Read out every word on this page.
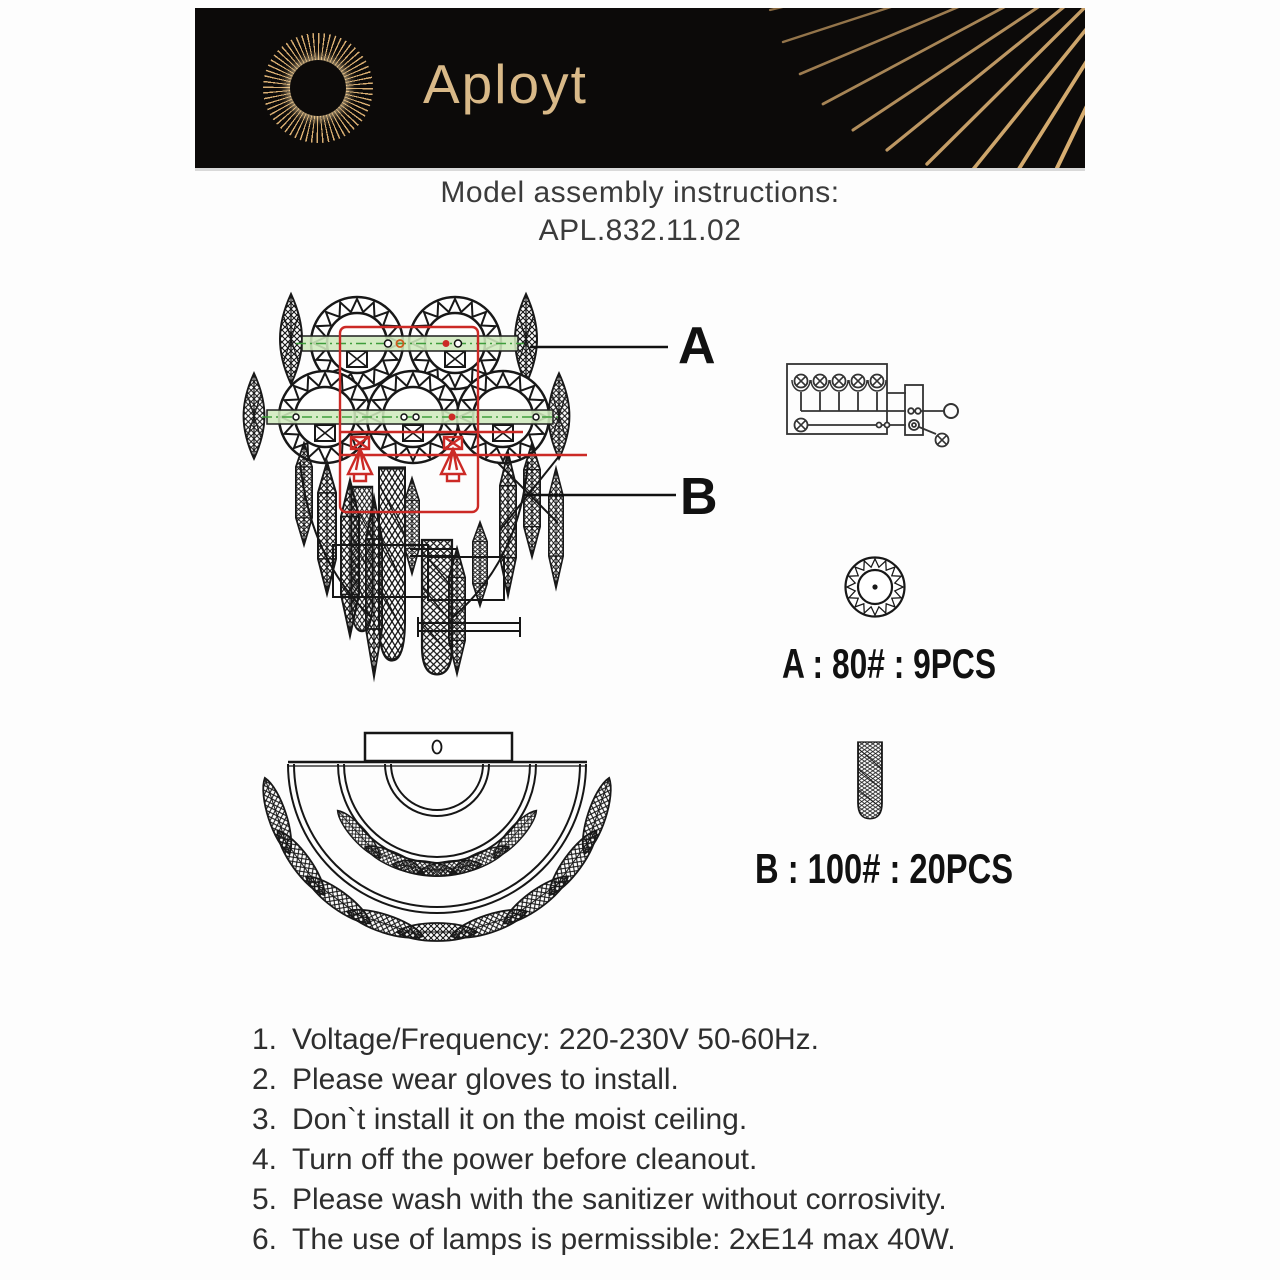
Aployt
Model assembly instructions:
APL.832.11.02
A
B
A : 80# : 9PCS
B : 100# : 20PCS
1. Voltage/Frequency: 220-230V 50-60Hz.
2. Please wear gloves to install.
3. Don`t install it on the moist ceiling.
4. Turn off the power before cleanout.
5. Please wash with the sanitizer without corrosivity.
6. The use of lamps is permissible: 2xE14 max 40W.
